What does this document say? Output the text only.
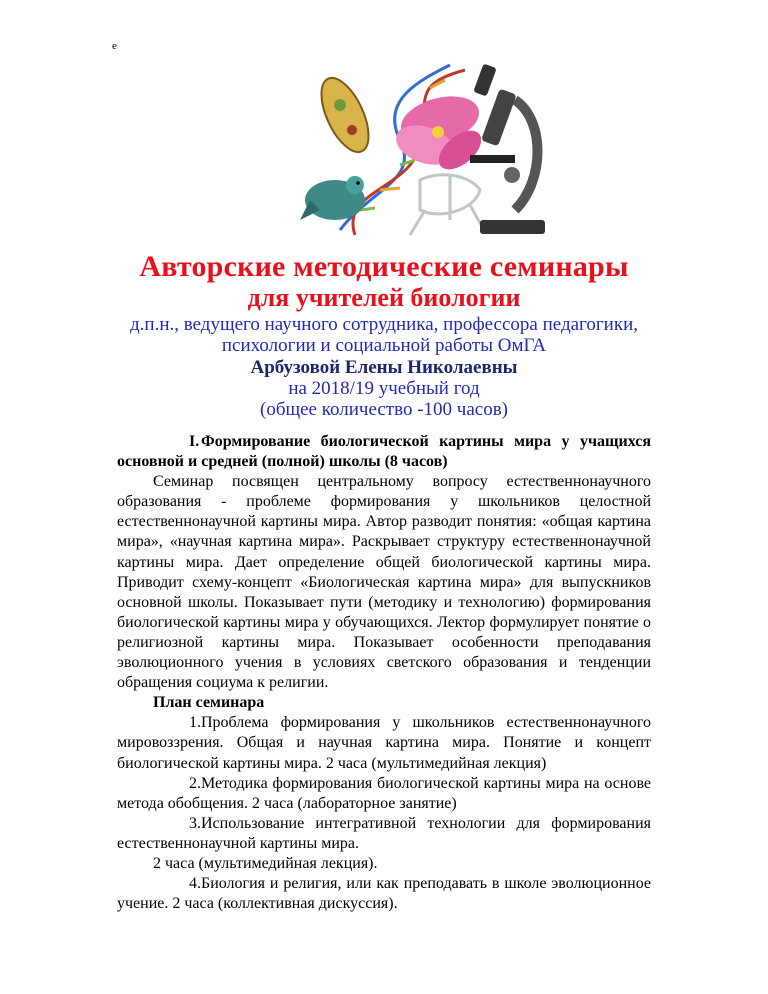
e
Авторские методические семинары
для учителей биологии
д.п.н., ведущего научного сотрудника, профессора педагогики,
психологии и социальной работы ОмГА
Арбузовой Елены Николаевны
на 2018/19 учебный год
(общее количество -100 часов)

I. Формирование биологической картины мира у учащихся основной и средней (полной) школы (8 часов)

Семинар посвящен центральному вопросу естественнонаучного образования - проблеме формирования у школьников целостной естественнонаучной картины мира. Автор разводит понятия: «общая картина мира», «научная картина мира». Раскрывает структуру естественнонаучной картины мира. Дает определение общей биологической картины мира. Приводит схему-концепт «Биологическая картина мира» для выпускников основной школы. Показывает пути (методику и технологию) формирования биологической картины мира у обучающихся. Лектор формулирует понятие о религиозной картины мира. Показывает особенности преподавания эволюционного учения в условиях светского образования и тенденции обращения социума к религии.

План семинара

1.Проблема формирования у школьников естественнонаучного мировоззрения. Общая и научная картина мира. Понятие и концепт биологической картины мира. 2 часа (мультимедийная лекция)

2.Методика формирования биологической картины мира на основе метода обобщения. 2 часа (лабораторное занятие)

3.Использование интегративной технологии для формирования естественнонаучной картины мира.

2 часа (мультимедийная лекция).

4.Биология и религия, или как преподавать в школе эволюционное учение. 2 часа (коллективная дискуссия).
